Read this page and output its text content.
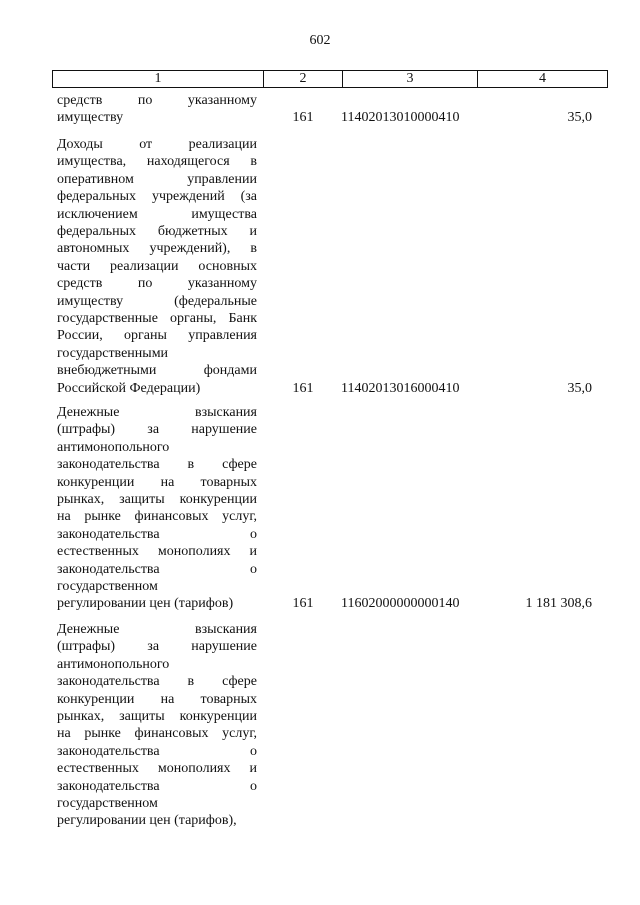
602
1	2	3	4
средств по указанному
имуществу	161	11402013010000410	35,0
Доходы от реализации
имущества, находящегося в
оперативном управлении
федеральных учреждений (за
исключением имущества
федеральных бюджетных и
автономных учреждений), в
части реализации основных
средств по указанному
имуществу (федеральные
государственные органы, Банк
России, органы управления
государственными
внебюджетными фондами
Российской Федерации)	161	11402013016000410	35,0
Денежные взыскания
(штрафы) за нарушение
антимонопольного
законодательства в сфере
конкуренции на товарных
рынках, защиты конкуренции
на рынке финансовых услуг,
законодательства о
естественных монополиях и
законодательства о
государственном
регулировании цен (тарифов)	161	11602000000000140	1 181 308,6
Денежные взыскания
(штрафы) за нарушение
антимонопольного
законодательства в сфере
конкуренции на товарных
рынках, защиты конкуренции
на рынке финансовых услуг,
законодательства о
естественных монополиях и
законодательства о
государственном
регулировании цен (тарифов),
